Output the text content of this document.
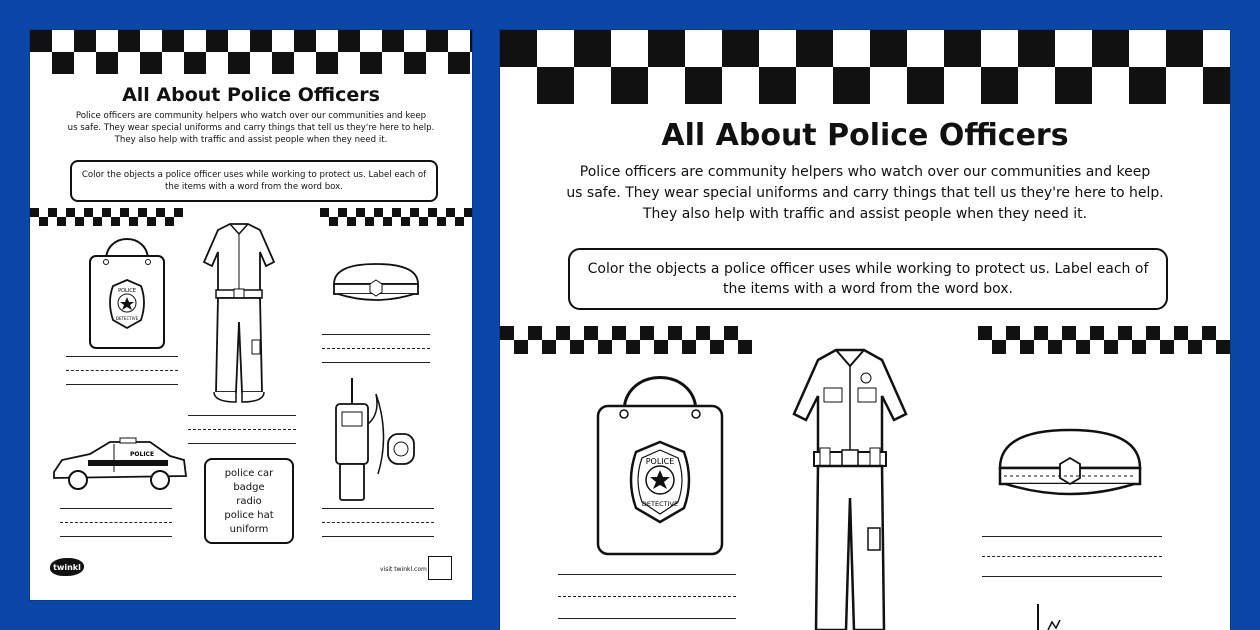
All About Police Officers
Police officers are community helpers who watch over our communities and keep
us safe. They wear special uniforms and carry things that tell us they're here to help.
They also help with traffic and assist people when they need it.
Color the objects a police officer uses while working to protect us. Label each of
the items with a word from the word box.
POLICE
DETECTIVE
POLICE
police car
badge
radio
police hat
uniform
twinkl	visit twinkl.com
All About Police Officers
Police officers are community helpers who watch over our communities and keep
us safe. They wear special uniforms and carry things that tell us they're here to help.
They also help with traffic and assist people when they need it.
Color the objects a police officer uses while working to protect us. Label each of
the items with a word from the word box.
POLICE
DETECTIVE
